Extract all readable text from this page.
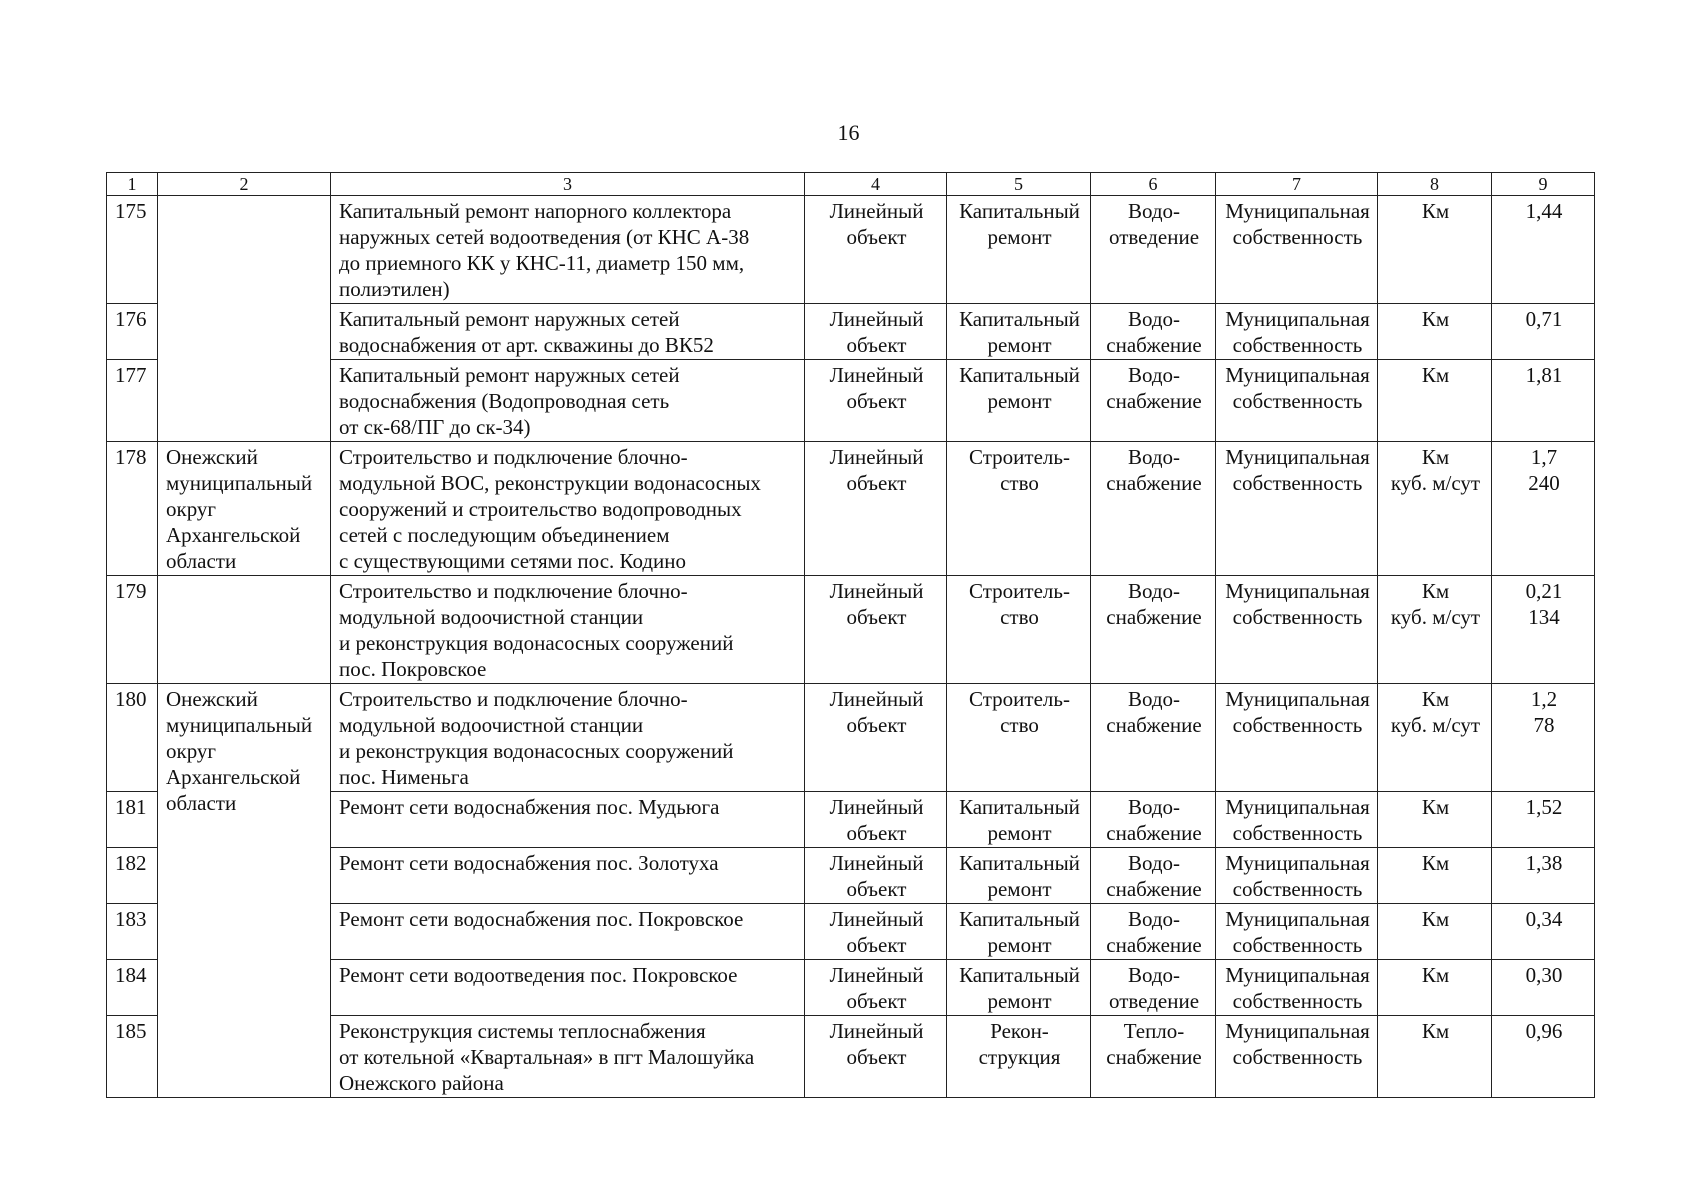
16
1	2	3	4	5	6	7	8	9
175		Капитальный ремонт напорного коллектора
наружных сетей водоотведения (от КНС А-38
до приемного КК у КНС-11, диаметр 150 мм,
полиэтилен)	Линейный
объект	Капитальный
ремонт	Водо-
отведение	Муниципальная
собственность	Км	1,44

176		Капитальный ремонт наружных сетей
водоснабжения от арт. скважины до ВК52	Линейный
объект	Капитальный
ремонт	Водо-
снабжение	Муниципальная
собственность	Км	0,71

177		Капитальный ремонт наружных сетей
водоснабжения (Водопроводная сеть
от ск-68/ПГ до ск-34)	Линейный
объект	Капитальный
ремонт	Водо-
снабжение	Муниципальная
собственность	Км	1,81

178	Онежский
муниципальный
округ
Архангельской
области	Строительство и подключение блочно-
модульной ВОС, реконструкции водонасосных
сооружений и строительство водопроводных
сетей с последующим объединением
с существующими сетями пос. Кодино	Линейный
объект	Строитель-
ство	Водо-
снабжение	Муниципальная
собственность	Км
куб. м/сут	1,7
240

179		Строительство и подключение блочно-
модульной водоочистной станции
и реконструкция водонасосных сооружений
пос. Покровское	Линейный
объект	Строитель-
ство	Водо-
снабжение	Муниципальная
собственность	Км
куб. м/сут	0,21
134

180	Онежский
муниципальный
округ
Архангельской
области	Строительство и подключение блочно-
модульной водоочистной станции
и реконструкция водонасосных сооружений
пос. Нименьга	Линейный
объект	Строитель-
ство	Водо-
снабжение	Муниципальная
собственность	Км
куб. м/сут	1,2
78

181		Ремонт сети водоснабжения пос. Мудьюга	Линейный
объект	Капитальный
ремонт	Водо-
снабжение	Муниципальная
собственность	Км	1,52

182		Ремонт сети водоснабжения пос. Золотуха	Линейный
объект	Капитальный
ремонт	Водо-
снабжение	Муниципальная
собственность	Км	1,38

183		Ремонт сети водоснабжения пос. Покровское	Линейный
объект	Капитальный
ремонт	Водо-
снабжение	Муниципальная
собственность	Км	0,34

184		Ремонт сети водоотведения пос. Покровское	Линейный
объект	Капитальный
ремонт	Водо-
отведение	Муниципальная
собственность	Км	0,30

185		Реконструкция системы теплоснабжения
от котельной «Квартальная» в пгт Малошуйка
Онежского района	Линейный
объект	Рекон-
струкция	Тепло-
снабжение	Муниципальная
собственность	Км	0,96
